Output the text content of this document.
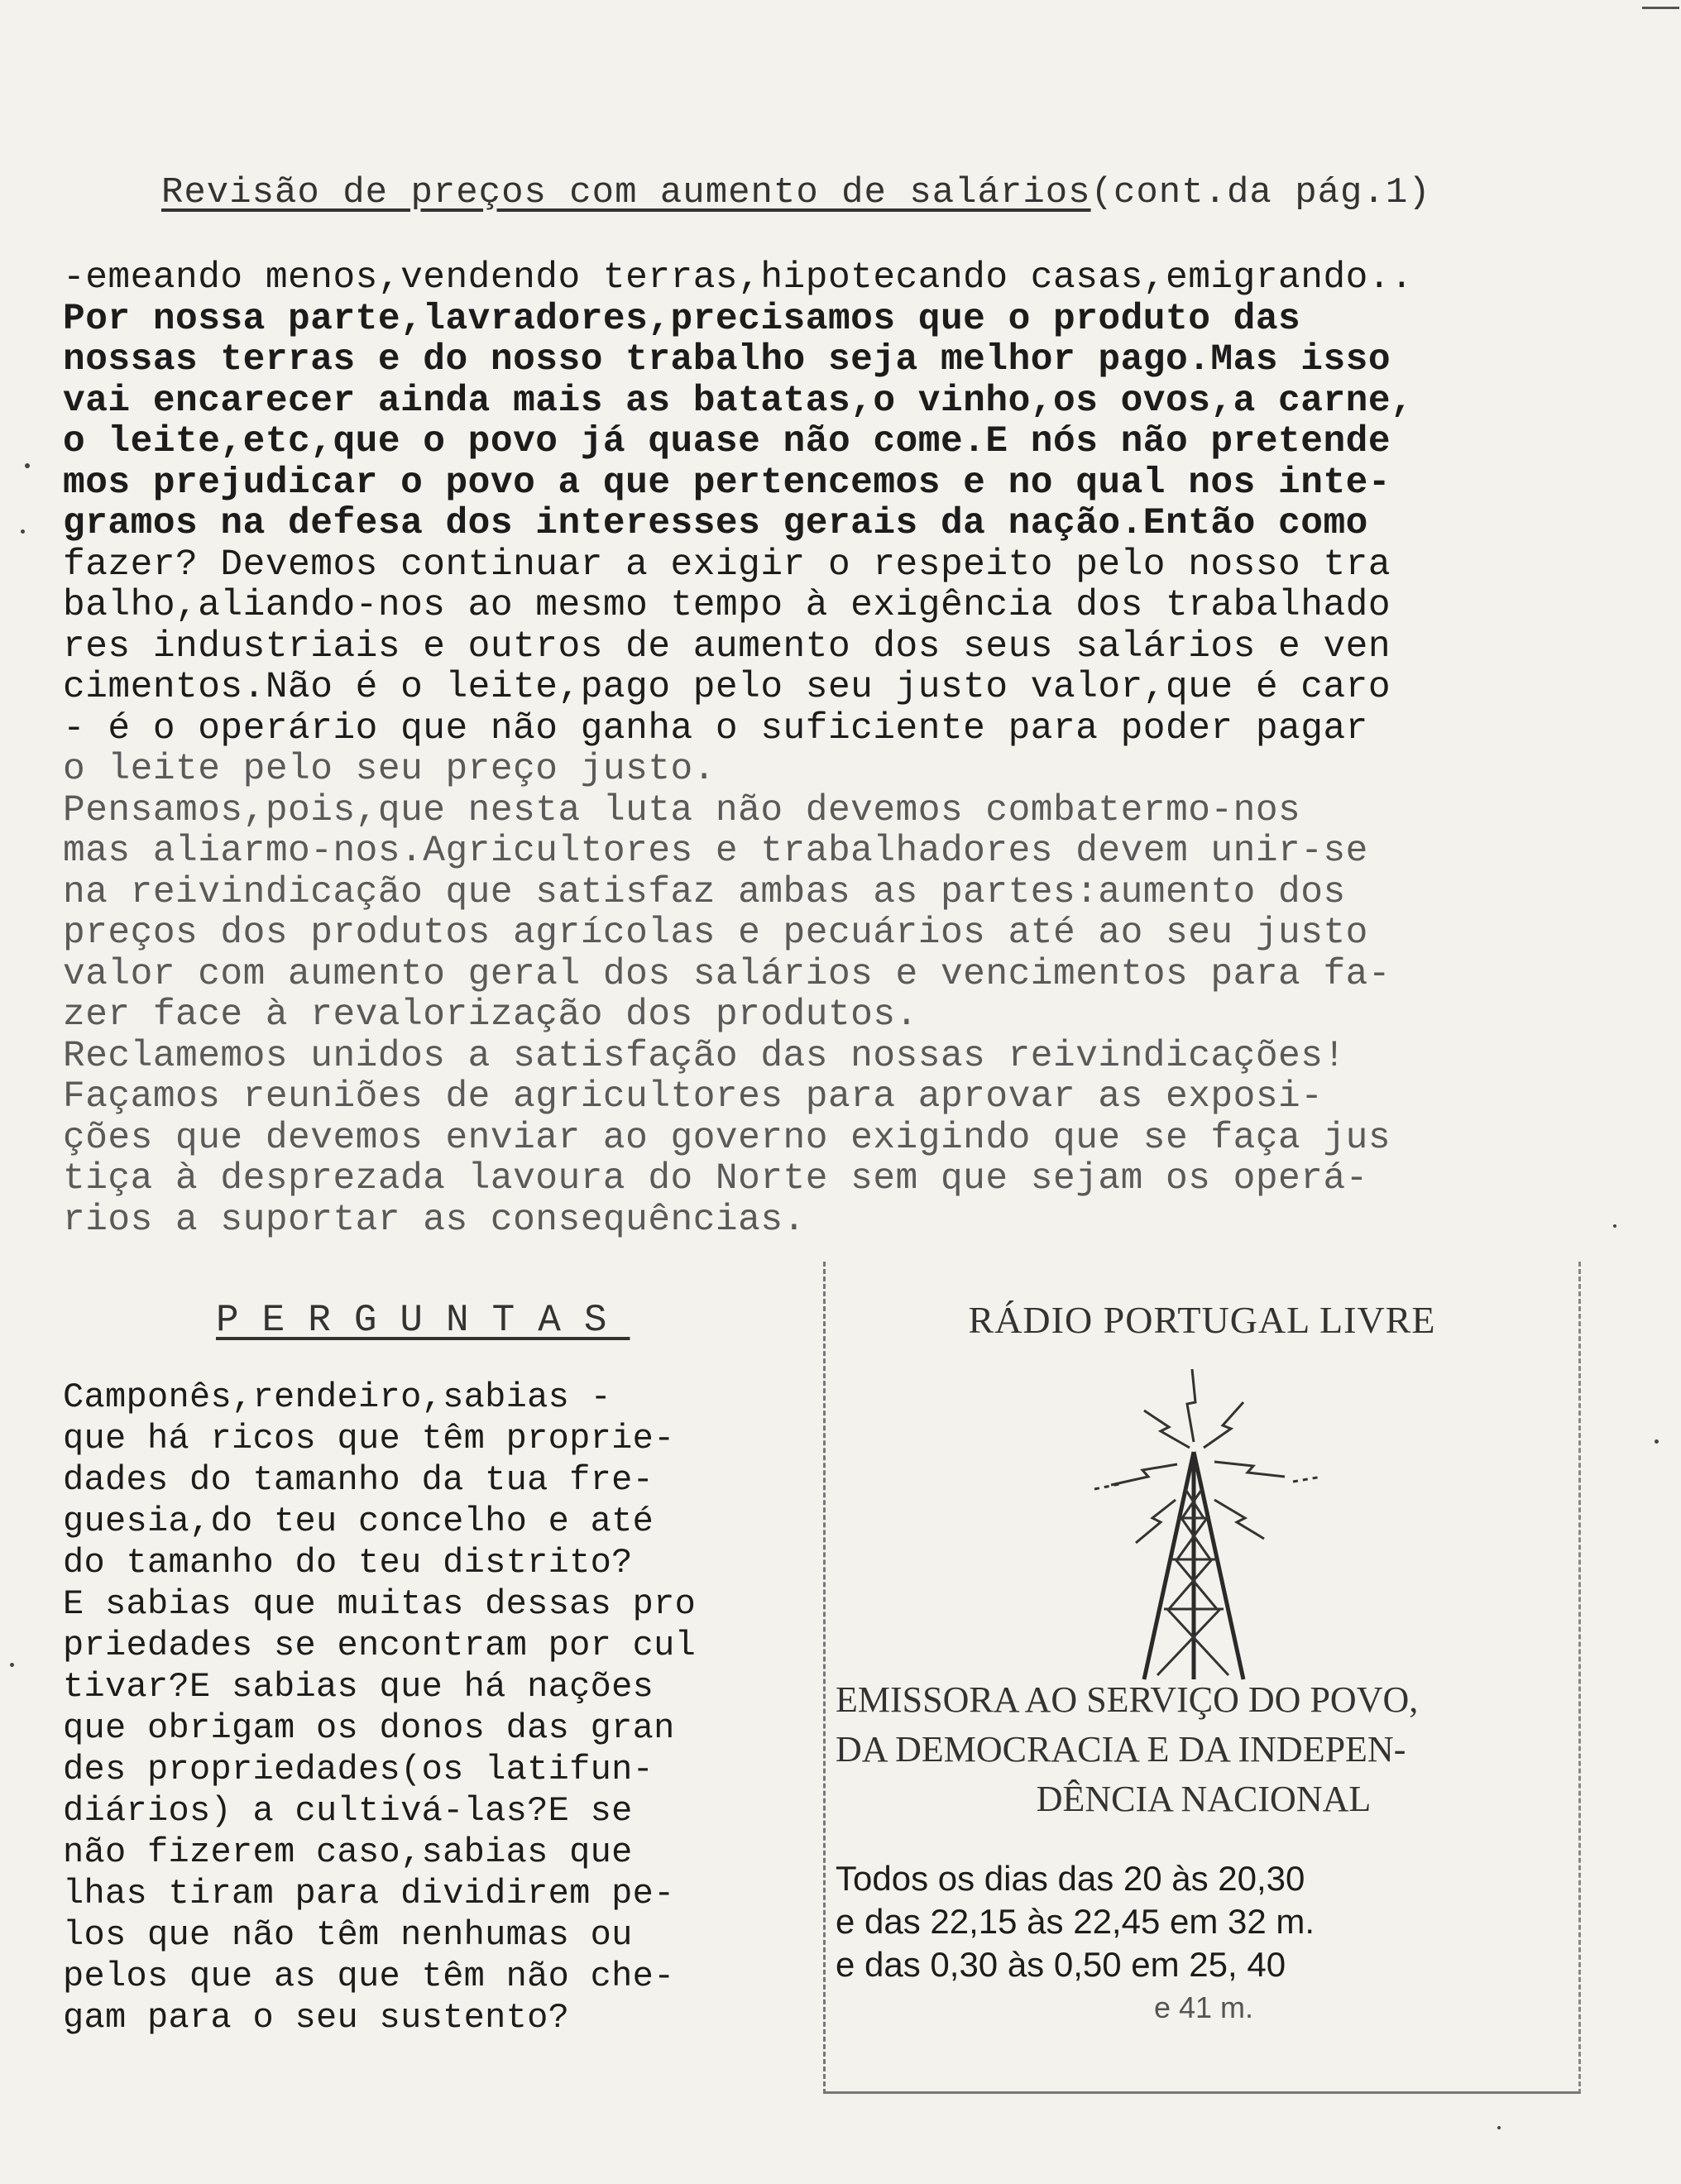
Revisão de preços com aumento de salários(cont.da pág.1)
-emeando menos,vendendo terras,hipotecando casas,emigrando..
Por nossa parte,lavradores,precisamos que o produto das
nossas terras e do nosso trabalho seja melhor pago.Mas isso
vai encarecer ainda mais as batatas,o vinho,os ovos,a carne,
o leite,etc,que o povo já quase não come.E nós não pretende
mos prejudicar o povo a que pertencemos e no qual nos inte-
gramos na defesa dos interesses gerais da nação.Então como
fazer? Devemos continuar a exigir o respeito pelo nosso tra
balho,aliando-nos ao mesmo tempo à exigência dos trabalhado
res industriais e outros de aumento dos seus salários e ven
cimentos.Não é o leite,pago pelo seu justo valor,que é caro
- é o operário que não ganha o suficiente para poder pagar
o leite pelo seu preço justo.
Pensamos,pois,que nesta luta não devemos combatermo-nos
mas aliarmo-nos.Agricultores e trabalhadores devem unir-se
na reivindicação que satisfaz ambas as partes:aumento dos
preços dos produtos agrícolas e pecuários até ao seu justo
valor com aumento geral dos salários e vencimentos para fa-
zer face à revalorização dos produtos.
Reclamemos unidos a satisfação das nossas reivindicações!
Façamos reuniões de agricultores para aprovar as exposi-
ções que devemos enviar ao governo exigindo que se faça jus
tiça à desprezada lavoura do Norte sem que sejam os operá-
rios a suportar as consequências.
PERGUNTAS
Camponês,rendeiro,sabias -
que há ricos que têm proprie-
dades do tamanho da tua fre-
guesia,do teu concelho e até
do tamanho do teu distrito?
E sabias que muitas dessas pro
priedades se encontram por cul
tivar?E sabias que há nações
que obrigam os donos das gran
des propriedades(os latifun-
diários) a cultivá-las?E se
não fizerem caso,sabias que
lhas tiram para dividirem pe-
los que não têm nenhumas ou
pelos que as que têm não che-
gam para o seu sustento?
RÁDIO PORTUGAL LIVRE
EMISSORA AO SERVIÇO DO POVO,
DA DEMOCRACIA E DA INDEPEN-
DÊNCIA NACIONAL
Todos os dias das 20 às 20,30
e das 22,15 às 22,45 em 32 m.
e das 0,30 às 0,50 em 25, 40
e 41 m.
